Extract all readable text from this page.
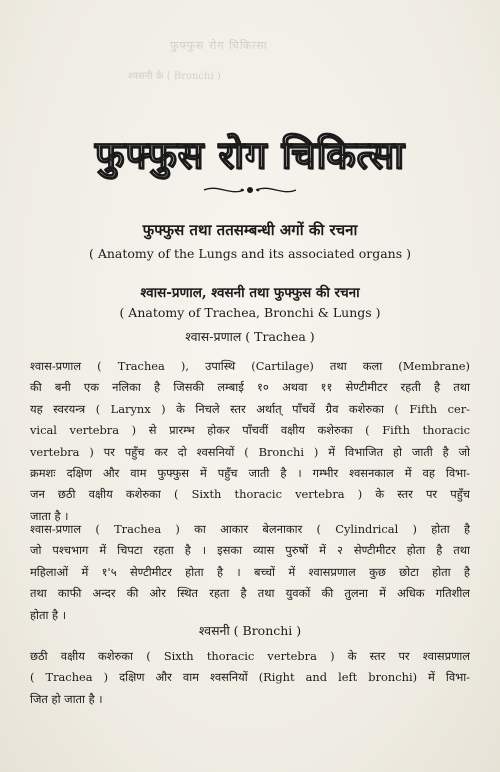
फुफ्फुस रोग चिकित्सा
श्वसनी के ( Bronchi )
फुफ्फुस रोग चिकित्सा
फुफ्फुस तथा ततसम्बन्धी अगों की रचना
( Anatomy of the Lungs and its associated organs )
श्वास-प्रणाल, श्वसनी तथा फुफ्फुस की रचना
( Anatomy of Trachea, Bronchi & Lungs )
श्वास-प्रणाल ( Trachea )
श्वास-प्रणाल ( Trachea ), उपास्थि (Cartilage) तथा कला (Membrane)
की बनी एक नलिका है जिसकी लम्बाई १० अथवा ११ सेण्टीमीटर रहती है तथा
यह स्वरयन्त्र ( Larynx ) के निचले स्तर अर्थात् पाँचवें ग्रैव कशेरुका ( Fifth cer-
vical vertebra ) से प्रारम्भ होकर पाँचवीं वक्षीय कशेरुका ( Fifth thoracic
vertebra ) पर पहुँच कर दो श्वसनियों ( Bronchi ) में विभाजित हो जाती है जो
क्रमशः दक्षिण और वाम फुफ्फुस में पहुँच जाती है । गम्भीर श्वसनकाल में वह विभा-
जन छठी वक्षीय कशेरुका ( Sixth thoracic vertebra ) के स्तर पर पहुँच
जाता है ।
श्वास-प्रणाल ( Trachea ) का आकार बेलनाकार ( Cylindrical ) होता है
जो पश्चभाग में चिपटा रहता है । इसका व्यास पुरुषों में २ सेण्टीमीटर होता है तथा
महिलाओं में १'५ सेण्टीमीटर होता है । बच्चों में श्वासप्रणाल कुछ छोटा होता है
तथा काफी अन्दर की ओर स्थित रहता है तथा युवकों की तुलना में अधिक गतिशील
होता है ।
श्वसनी ( Bronchi )
छठी वक्षीय कशेरुका ( Sixth thoracic vertebra ) के स्तर पर श्वासप्रणाल
( Trachea ) दक्षिण और वाम श्वसनियों (Right and left bronchi) में विभा-
जित हो जाता है ।
